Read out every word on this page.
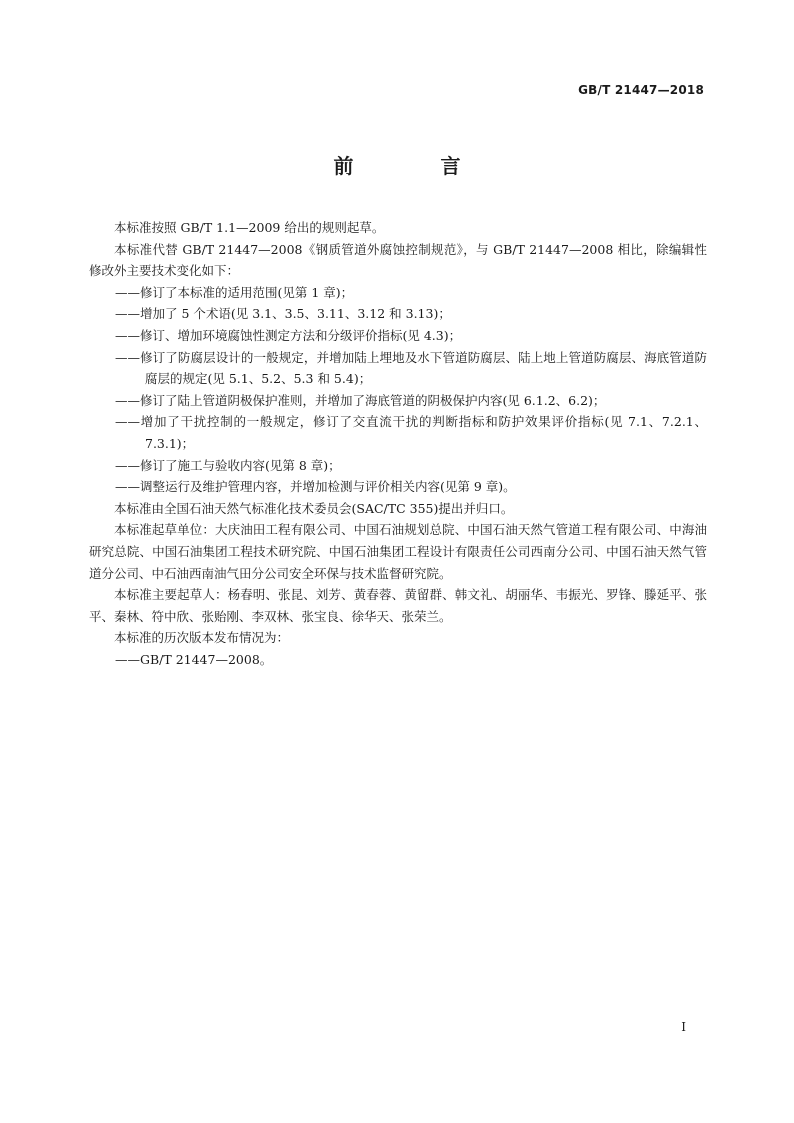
GB/T 21447—2018
前 言

本标准按照 GB/T 1.1—2009 给出的规则起草。

本标准代替 GB/T 21447—2008《钢质管道外腐蚀控制规范》，与 GB/T 21447—2008 相比，除编辑性修改外主要技术变化如下：

——修订了本标准的适用范围(见第 1 章)；

——增加了 5 个术语(见 3.1、3.5、3.11、3.12 和 3.13)；

——修订、增加环境腐蚀性测定方法和分级评价指标(见 4.3)；

——修订了防腐层设计的一般规定，并增加陆上埋地及水下管道防腐层、陆上地上管道防腐层、海底管道防腐层的规定(见 5.1、5.2、5.3 和 5.4)；

——修订了陆上管道阴极保护准则，并增加了海底管道的阴极保护内容(见 6.1.2、6.2)；

——增加了干扰控制的一般规定，修订了交直流干扰的判断指标和防护效果评价指标(见 7.1、7.2.1、7.3.1)；

——修订了施工与验收内容(见第 8 章)；

——调整运行及维护管理内容，并增加检测与评价相关内容(见第 9 章)。

本标准由全国石油天然气标准化技术委员会(SAC/TC 355)提出并归口。

本标准起草单位：大庆油田工程有限公司、中国石油规划总院、中国石油天然气管道工程有限公司、中海油研究总院、中国石油集团工程技术研究院、中国石油集团工程设计有限责任公司西南分公司、中国石油天然气管道分公司、中石油西南油气田分公司安全环保与技术监督研究院。

本标准主要起草人：杨春明、张昆、刘芳、黄春蓉、黄留群、韩文礼、胡丽华、韦振光、罗锋、滕延平、张平、秦林、符中欣、张贻刚、李双林、张宝良、徐华天、张荣兰。

本标准的历次版本发布情况为：

——GB/T 21447—2008。

I
